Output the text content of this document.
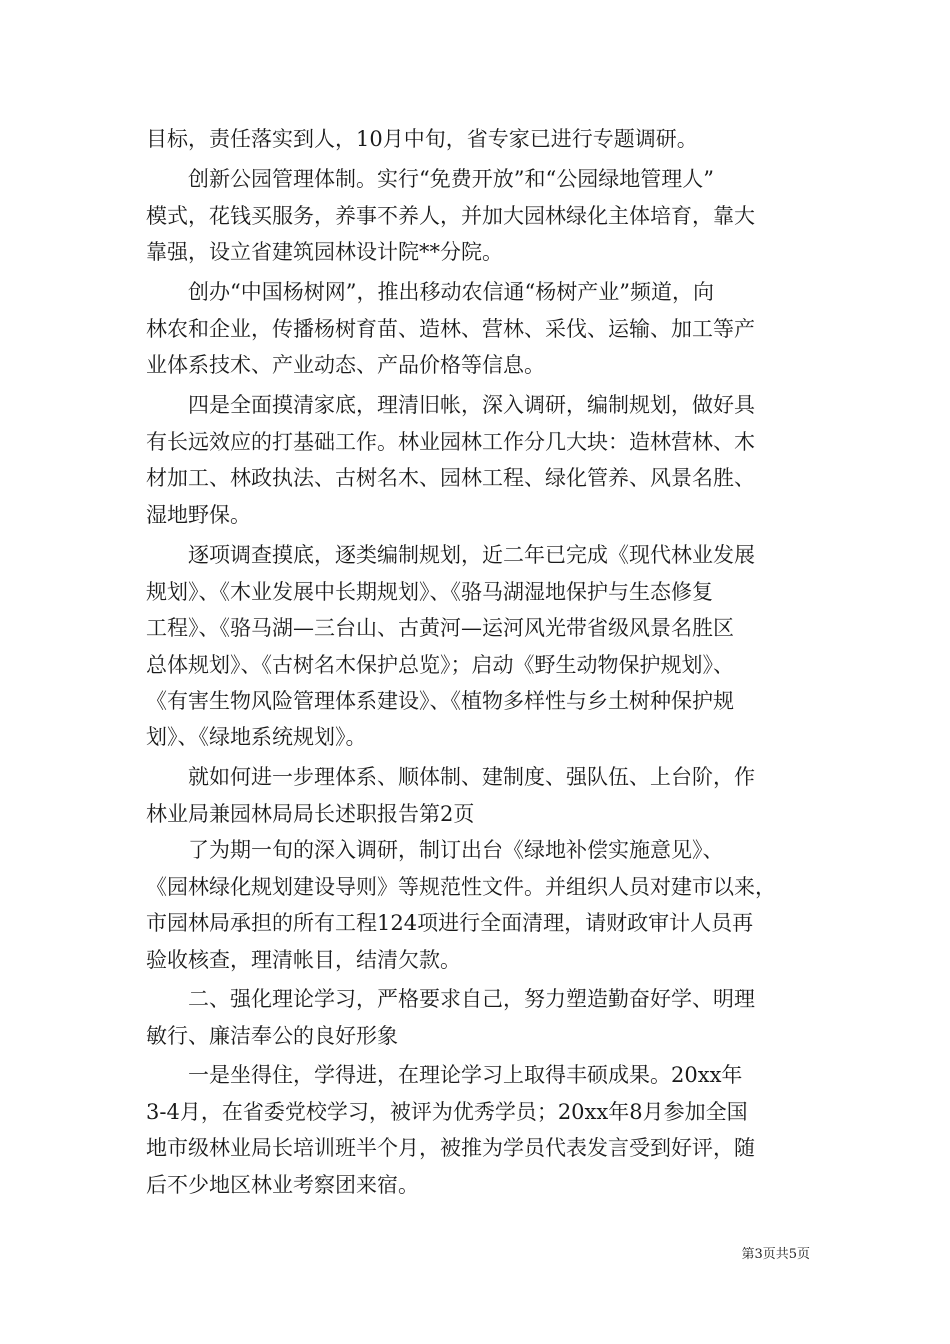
目标，责任落实到人，10月中旬，省专家已进行专题调研。
　　创新公园管理体制。实行“免费开放”和“公园绿地管理人”
模式，花钱买服务，养事不养人，并加大园林绿化主体培育，靠大
靠强，设立省建筑园林设计院**分院。
　　创办“中国杨树网”，推出移动农信通“杨树产业”频道，向
林农和企业，传播杨树育苗、造林、营林、采伐、运输、加工等产
业体系技术、产业动态、产品价格等信息。
　　四是全面摸清家底，理清旧帐，深入调研，编制规划，做好具
有长远效应的打基础工作。林业园林工作分几大块：造林营林、木
材加工、林政执法、古树名木、园林工程、绿化管养、风景名胜、
湿地野保。
　　逐项调查摸底，逐类编制规划，近二年已完成《现代林业发展
规划》、《木业发展中长期规划》、《骆马湖湿地保护与生态修复
工程》、《骆马湖—三台山、古黄河—运河风光带省级风景名胜区
总体规划》、《古树名木保护总览》；启动《野生动物保护规划》、
《有害生物风险管理体系建设》、《植物多样性与乡土树种保护规
划》、《绿地系统规划》。
　　就如何进一步理体系、顺体制、建制度、强队伍、上台阶，作
林业局兼园林局局长述职报告第2页
　　了为期一旬的深入调研，制订出台《绿地补偿实施意见》、
《园林绿化规划建设导则》等规范性文件。并组织人员对建市以来，
市园林局承担的所有工程124项进行全面清理，请财政审计人员再
验收核查，理清帐目，结清欠款。
　　二、强化理论学习，严格要求自己，努力塑造勤奋好学、明理
敏行、廉洁奉公的良好形象
　　一是坐得住，学得进，在理论学习上取得丰硕成果。20xx年
3-4月，在省委党校学习，被评为优秀学员；20xx年8月参加全国
地市级林业局长培训班半个月，被推为学员代表发言受到好评，随
后不少地区林业考察团来宿。
第3页共5页
